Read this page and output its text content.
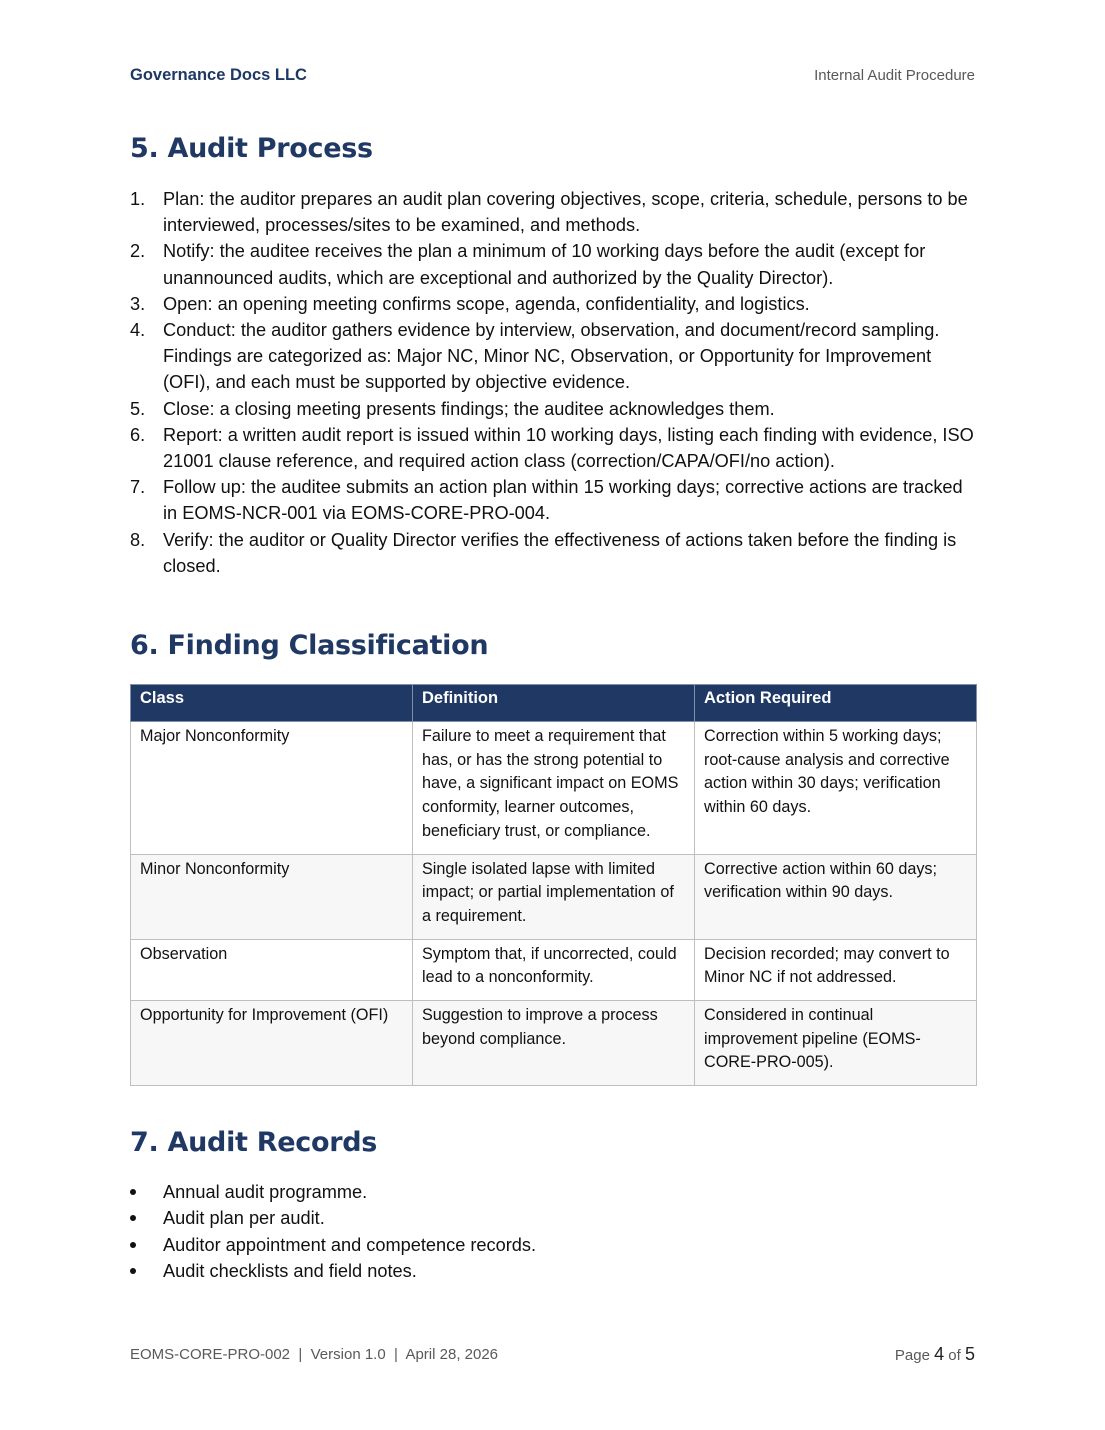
Governance Docs LLC	Internal Audit Procedure
5. Audit Process
1. Plan: the auditor prepares an audit plan covering objectives, scope, criteria, schedule, persons to be interviewed, processes/sites to be examined, and methods.
2. Notify: the auditee receives the plan a minimum of 10 working days before the audit (except for unannounced audits, which are exceptional and authorized by the Quality Director).
3. Open: an opening meeting confirms scope, agenda, confidentiality, and logistics.
4. Conduct: the auditor gathers evidence by interview, observation, and document/record sampling. Findings are categorized as: Major NC, Minor NC, Observation, or Opportunity for Improvement (OFI), and each must be supported by objective evidence.
5. Close: a closing meeting presents findings; the auditee acknowledges them.
6. Report: a written audit report is issued within 10 working days, listing each finding with evidence, ISO 21001 clause reference, and required action class (correction/CAPA/OFI/no action).
7. Follow up: the auditee submits an action plan within 15 working days; corrective actions are tracked in EOMS-NCR-001 via EOMS-CORE-PRO-004.
8. Verify: the auditor or Quality Director verifies the effectiveness of actions taken before the finding is closed.
6. Finding Classification
Class	Definition	Action Required
Major Nonconformity	Failure to meet a requirement that has, or has the strong potential to have, a significant impact on EOMS conformity, learner outcomes, beneficiary trust, or compliance.	Correction within 5 working days; root-cause analysis and corrective action within 30 days; verification within 60 days.
Minor Nonconformity	Single isolated lapse with limited impact; or partial implementation of a requirement.	Corrective action within 60 days; verification within 90 days.
Observation	Symptom that, if uncorrected, could lead to a nonconformity.	Decision recorded; may convert to Minor NC if not addressed.
Opportunity for Improvement (OFI)	Suggestion to improve a process beyond compliance.	Considered in continual improvement pipeline (EOMS-CORE-PRO-005).
7. Audit Records
Annual audit programme.
Audit plan per audit.
Auditor appointment and competence records.
Audit checklists and field notes.
EOMS-CORE-PRO-002 | Version 1.0 | April 28, 2026	Page 4 of 5
